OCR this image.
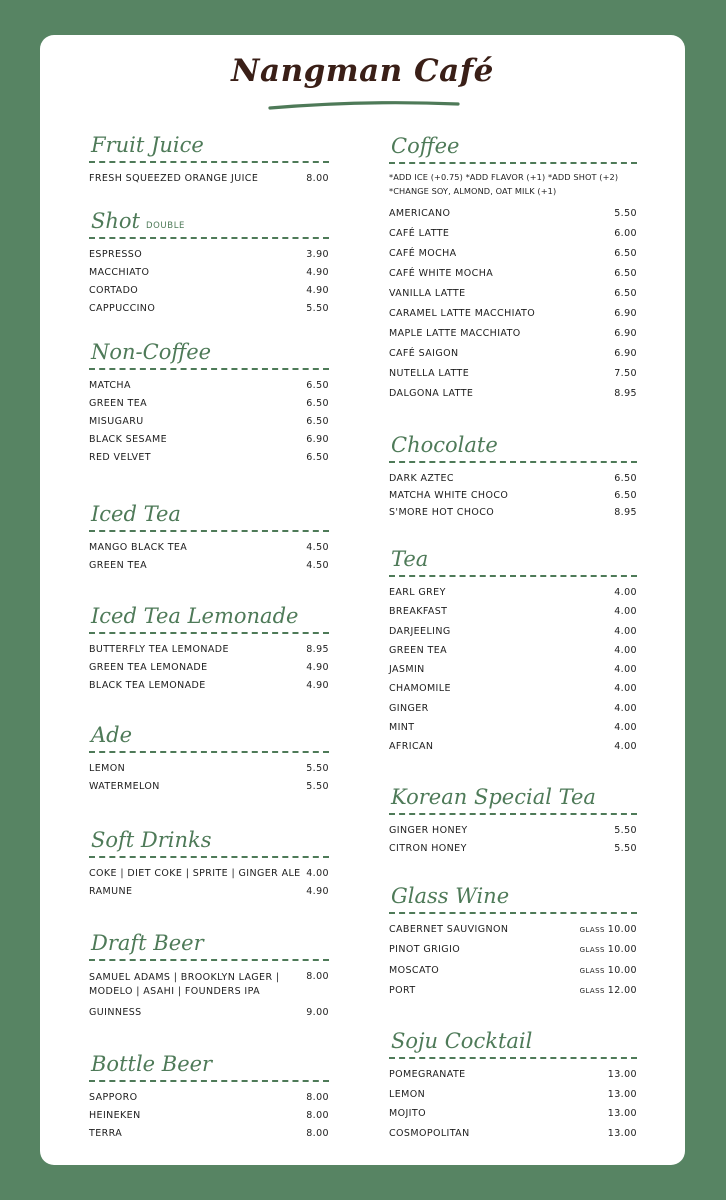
Nangman Café
Fruit Juice
FRESH SQUEEZED ORANGE JUICE	8.00
Shot DOUBLE
ESPRESSO	3.90
MACCHIATO	4.90
CORTADO	4.90
CAPPUCCINO	5.50
Non-Coffee
MATCHA	6.50
GREEN TEA	6.50
MISUGARU	6.50
BLACK SESAME	6.90
RED VELVET	6.50
Iced Tea
MANGO BLACK TEA	4.50
GREEN TEA	4.50
Iced Tea Lemonade
BUTTERFLY TEA LEMONADE	8.95
GREEN TEA LEMONADE	4.90
BLACK TEA LEMONADE	4.90
Ade
LEMON	5.50
WATERMELON	5.50
Soft Drinks
COKE | DIET COKE | SPRITE | GINGER ALE 4.00
RAMUNE	4.90
Draft Beer
SAMUEL ADAMS | BROOKLYN LAGER |
MODELO | ASAHI | FOUNDERS IPA
8.00
GUINNESS	9.00
Bottle Beer
SAPPORO	8.00
HEINEKEN	8.00
TERRA	8.00
Coffee
*ADD ICE (+0.75) *ADD FLAVOR (+1) *ADD SHOT (+2)
*CHANGE SOY, ALMOND, OAT MILK (+1)
AMERICANO	5.50
CAFÉ LATTE	6.00
CAFÉ MOCHA	6.50
CAFÉ WHITE MOCHA	6.50
VANILLA LATTE	6.50
CARAMEL LATTE MACCHIATO	6.90
MAPLE LATTE MACCHIATO	6.90
CAFÉ SAIGON	6.90
NUTELLA LATTE	7.50
DALGONA LATTE	8.95
Chocolate
DARK AZTEC	6.50
MATCHA WHITE CHOCO	6.50
S'MORE HOT CHOCO	8.95
Tea
EARL GREY	4.00
BREAKFAST	4.00
DARJEELING	4.00
GREEN TEA	4.00
JASMIN	4.00
CHAMOMILE	4.00
GINGER	4.00
MINT	4.00
AFRICAN	4.00
Korean Special Tea
GINGER HONEY	5.50
CITRON HONEY	5.50
Glass Wine
CABERNET SAUVIGNON	GLASS 10.00
PINOT GRIGIO	GLASS 10.00
MOSCATO	GLASS 10.00
PORT	GLASS 12.00
Soju Cocktail
POMEGRANATE	13.00
LEMON	13.00
MOJITO	13.00
COSMOPOLITAN	13.00
